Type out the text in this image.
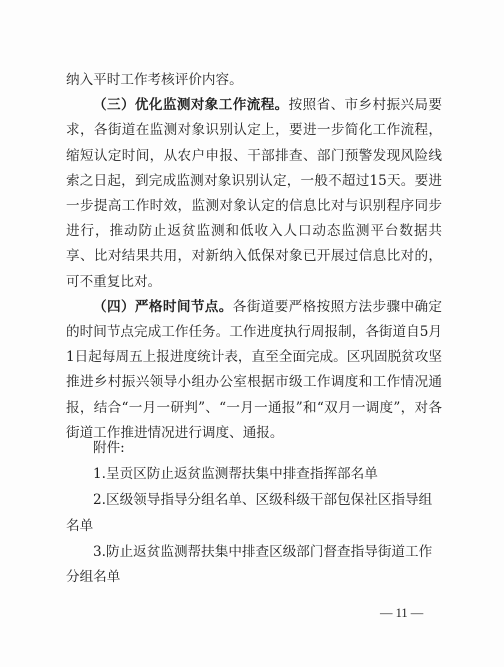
纳入平时工作考核评价内容。

（三）优化监测对象工作流程。按照省、市乡村振兴局要求，各街道在监测对象识别认定上，要进一步简化工作流程，缩短认定时间，从农户申报、干部排查、部门预警发现风险线索之日起，到完成监测对象识别认定，一般不超过15天。要进一步提高工作时效，监测对象认定的信息比对与识别程序同步进行，推动防止返贫监测和低收入人口动态监测平台数据共享、比对结果共用，对新纳入低保对象已开展过信息比对的，可不重复比对。

（四）严格时间节点。各街道要严格按照方法步骤中确定的时间节点完成工作任务。工作进度执行周报制，各街道自5月1日起每周五上报进度统计表，直至全面完成。区巩固脱贫攻坚推进乡村振兴领导小组办公室根据市级工作调度和工作情况通报，结合“一月一研判”、“一月一通报”和“双月一调度”，对各街道工作推进情况进行调度、通报。

附件:

1.呈贡区防止返贫监测帮扶集中排查指挥部名单

2.区级领导指导分组名单、区级科级干部包保社区指导组名单

3.防止返贫监测帮扶集中排查区级部门督查指导街道工作分组名单

— 11 —
